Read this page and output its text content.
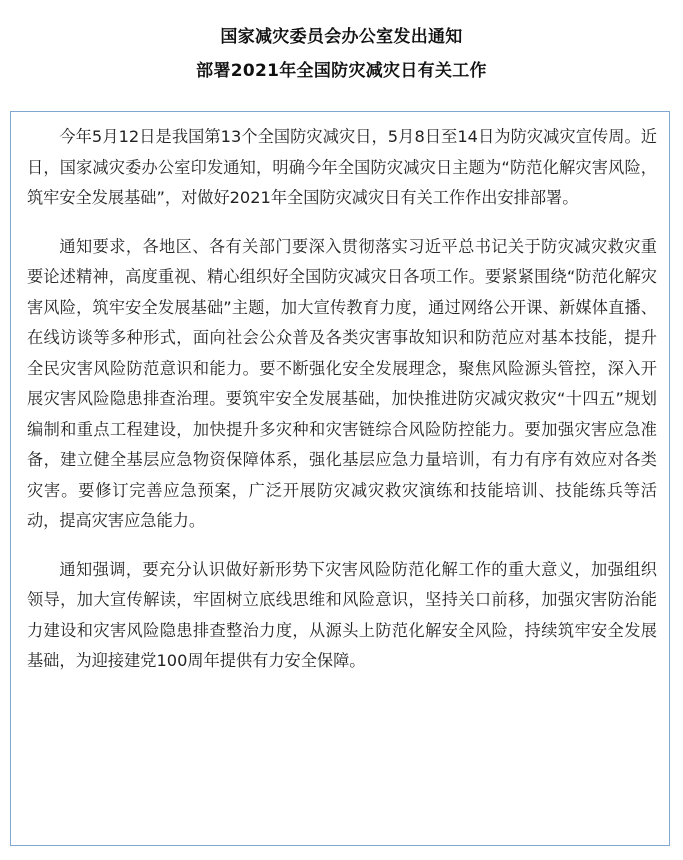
国家减灾委员会办公室发出通知
部署2021年全国防灾减灾日有关工作

今年5月12日是我国第13个全国防灾减灾日，5月8日至14日为防灾减灾宣传周。近日，国家减灾委办公室印发通知，明确今年全国防灾减灾日主题为“防范化解灾害风险，筑牢安全发展基础”，对做好2021年全国防灾减灾日有关工作作出安排部署。

通知要求，各地区、各有关部门要深入贯彻落实习近平总书记关于防灾减灾救灾重要论述精神，高度重视、精心组织好全国防灾减灾日各项工作。要紧紧围绕“防范化解灾害风险，筑牢安全发展基础”主题，加大宣传教育力度，通过网络公开课、新媒体直播、在线访谈等多种形式，面向社会公众普及各类灾害事故知识和防范应对基本技能，提升全民灾害风险防范意识和能力。要不断强化安全发展理念，聚焦风险源头管控，深入开展灾害风险隐患排查治理。要筑牢安全发展基础，加快推进防灾减灾救灾“十四五”规划编制和重点工程建设，加快提升多灾种和灾害链综合风险防控能力。要加强灾害应急准备，建立健全基层应急物资保障体系，强化基层应急力量培训，有力有序有效应对各类灾害。要修订完善应急预案，广泛开展防灾减灾救灾演练和技能培训、技能练兵等活动，提高灾害应急能力。

通知强调，要充分认识做好新形势下灾害风险防范化解工作的重大意义，加强组织领导，加大宣传解读，牢固树立底线思维和风险意识，坚持关口前移，加强灾害防治能力建设和灾害风险隐患排查整治力度，从源头上防范化解安全风险，持续筑牢安全发展基础，为迎接建党100周年提供有力安全保障。
